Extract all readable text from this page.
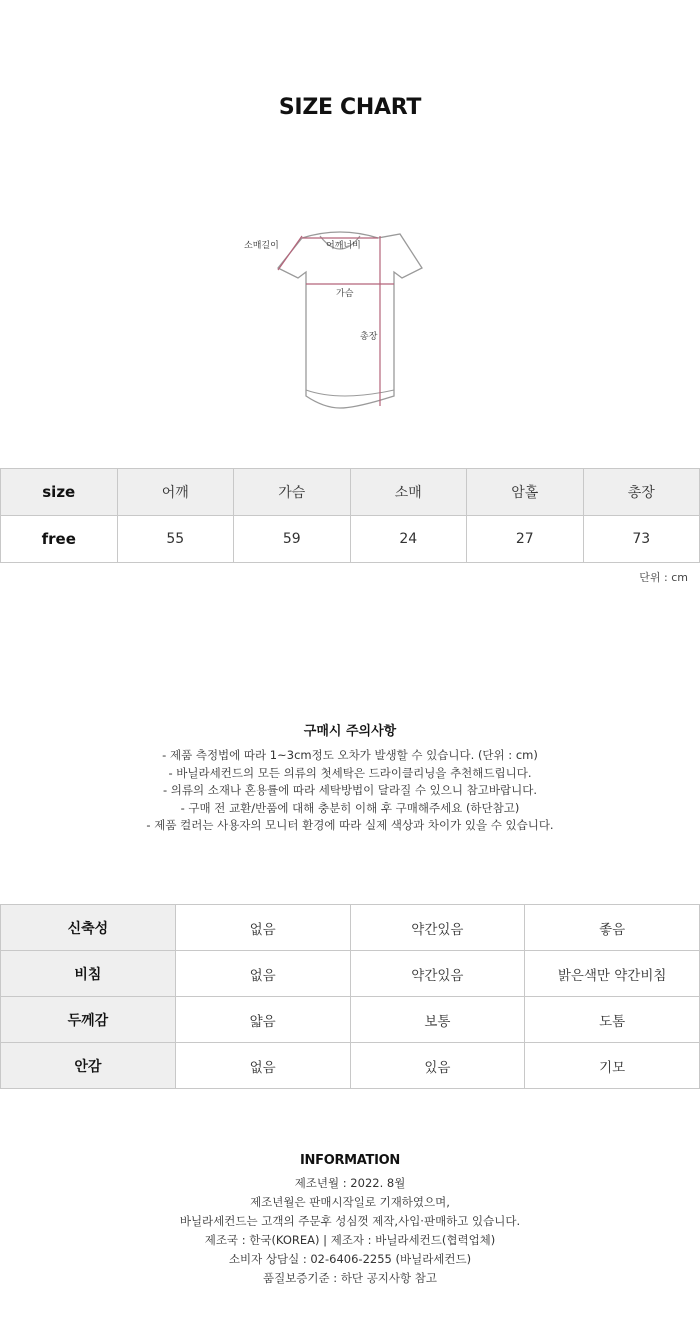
SIZE CHART
소매길이	어깨너비
가슴
총장
size	어깨	가슴	소매	암홀	총장
free	55	59	24	27	73
단위 : cm
구매시 주의사항
- 제품 측정법에 따라 1~3cm정도 오차가 발생할 수 있습니다. (단위 : cm)
- 바닐라세컨드의 모든 의류의 첫세탁은 드라이클리닝을 추천해드립니다.
- 의류의 소재나 혼용률에 따라 세탁방법이 달라질 수 있으니 참고바랍니다.
- 구매 전 교환/반품에 대해 충분히 이해 후 구매해주세요 (하단참고)
- 제품 컬러는 사용자의 모니터 환경에 따라 실제 색상과 차이가 있을 수 있습니다.
신축성	없음	약간있음	좋음
비침	없음	약간있음	밝은색만 약간비침
두께감	얇음	보통	도톰
안감	없음	있음	기모
INFORMATION
제조년월 : 2022. 8월
제조년월은 판매시작일로 기재하였으며,
바닐라세컨드는 고객의 주문후 성심껏 제작,사입·판매하고 있습니다.
제조국 : 한국(KOREA) | 제조자 : 바닐라세컨드(협력업체)
소비자 상담실 : 02-6406-2255 (바닐라세컨드)
품질보증기준 : 하단 공지사항 참고
